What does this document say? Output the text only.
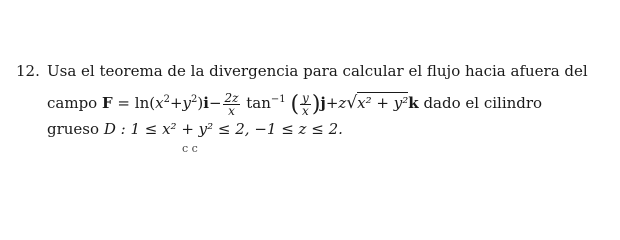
12. Usa el teorema de la divergencia para calcular el flujo hacia afuera del
campo $F = \ln(x^2+y^2)i- \frac{2z}{x} \tan^{-1}$ ( $\frac{y}{x} )j+z√x^2 + y^2k$ dado el cilindro
grueso D : 1 ≤ x² + y² ≤ 2, −1 ≤ z ≤ 2.
c c
